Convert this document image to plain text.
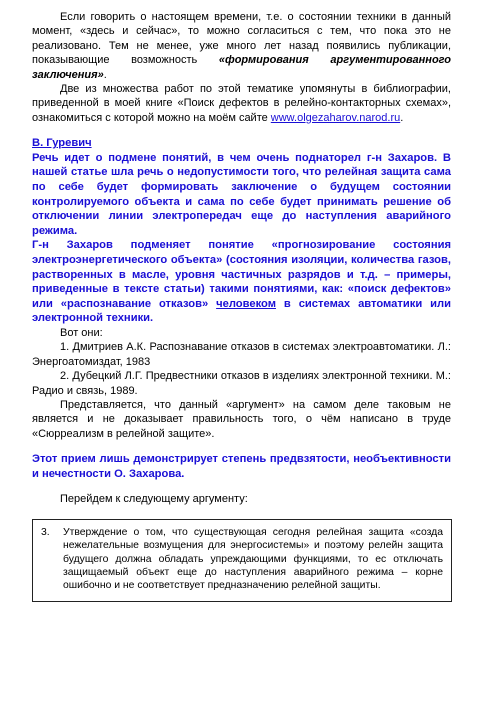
Если говорить о настоящем времени, т.е. о состоянии техники в данный момент, «здесь и сейчас», то можно согласиться с тем, что пока это не реализовано. Тем не менее, уже много лет назад появились публикации, показывающие возможность «формирования аргументированного заключения».

Две из множества работ по этой тематике упомянуты в библиографии, приведенной в моей книге «Поиск дефектов в релейно-контакторных схемах», ознакомиться с которой можно на моём сайте www.olgezaharov.narod.ru.

В. Гуревич

Речь идет о подмене понятий, в чем очень поднаторел г-н Захаров. В нашей статье шла речь о недопустимости того, что релейная защита сама по себе будет формировать заключение о будущем состоянии контролируемого объекта и сама по себе будет принимать решение об отключении линии электропередач еще до наступления аварийного режима.

Г-н Захаров подменяет понятие «прогнозирование состояния электроэнергетического объекта» (состояния изоляции, количества газов, растворенных в масле, уровня частичных разрядов и т.д. – примеры, приведенные в тексте статьи) такими понятиями, как: «поиск дефектов» или «распознавание отказов» человеком в системах автоматики или электронной техники.

Вот они:

1. Дмитриев А.К. Распознавание отказов в системах электроавтоматики. Л.: Энергоатомиздат, 1983

2. Дубецкий Л.Г. Предвестники отказов в изделиях электронной техники. М.: Радио и связь, 1989.

Представляется, что данный «аргумент» на самом деле таковым не является и не доказывает правильность того, о чём написано в труде «Сюрреализм в релейной защите».

Этот прием лишь демонстрирует степень предвзятости, необъективности и нечестности О. Захарова.

Перейдем к следующему аргументу:

3.	Утверждение о том, что существующая сегодня релейная защита «созда нежелательные возмущения для энергосистемы» и поэтому релейн защита будущего должна обладать упреждающими функциями, то ес отключать защищаемый объект еще до наступления аварийного режима – корне ошибочно и не соответствует предназначению релейной защиты.
